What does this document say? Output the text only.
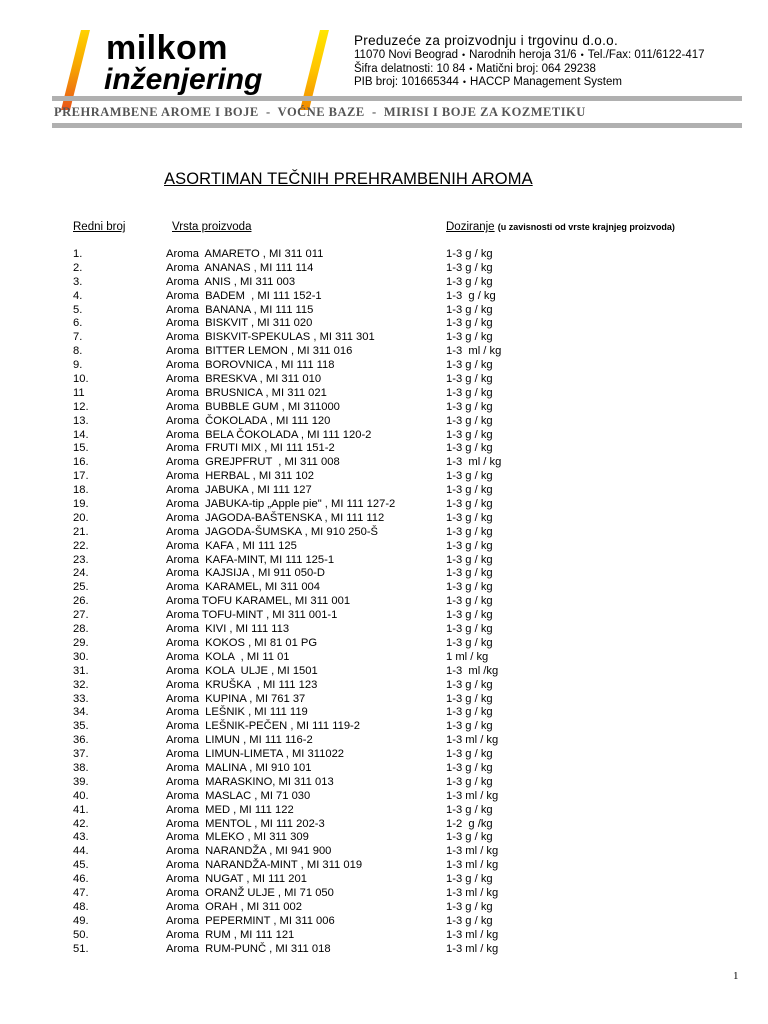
milkom
inženjering
Preduzeće za proizvodnju i trgovinu d.o.o.
11070 Novi Beograd • Narodnih heroja 31/6 • Tel./Fax: 011/6122-417
Šifra delatnosti: 10 84 • Matični broj: 064 29238
PIB broj: 101665344 • HACCP Management System
PREHRAMBENE AROME I BOJE  -  VOĆNE BAZE  -  MIRISI I BOJE ZA KOZMETIKU
ASORTIMAN TEČNIH PREHRAMBENIH AROMA
Redni broj	Vrsta proizvoda	Doziranje (u zavisnosti od vrste krajnjeg proizvoda)
1.	Aroma  AMARETO , MI 311 011	1-3 g / kg
2.	Aroma  ANANAS , MI 111 114	1-3 g / kg
3.	Aroma  ANIS , MI 311 003	1-3 g / kg
4.	Aroma  BADEM  , MI 111 152-1	1-3  g / kg
5.	Aroma  BANANA , MI 111 115	1-3 g / kg
6.	Aroma  BISKVIT , MI 311 020	1-3 g / kg
7.	Aroma  BISKVIT-SPEKULAS , MI 311 301	1-3 g / kg
8.	Aroma  BITTER LEMON , MI 311 016	1-3  ml / kg
9.	Aroma  BOROVNICA , MI 111 118	1-3 g / kg
10.	Aroma  BRESKVA , MI 311 010	1-3 g / kg
11	Aroma  BRUSNICA , MI 311 021	1-3 g / kg
12.	Aroma  BUBBLE GUM , MI 311000	1-3 g / kg
13.	Aroma  ČOKOLADA , MI 111 120	1-3 g / kg
14.	Aroma  BELA ČOKOLADA , MI 111 120-2	1-3 g / kg
15.	Aroma  FRUTI MIX , MI 111 151-2	1-3 g / kg
16.	Aroma  GREJPFRUT  , MI 311 008	1-3  ml / kg
17.	Aroma  HERBAL , MI 311 102	1-3 g / kg
18.	Aroma  JABUKA , MI 111 127	1-3 g / kg
19.	Aroma  JABUKA-tip „Apple pie" , MI 111 127-2	1-3 g / kg
20.	Aroma  JAGODA-BAŠTENSKA , MI 111 112	1-3 g / kg
21.	Aroma  JAGODA-ŠUMSKA , MI 910 250-Š	1-3 g / kg
22.	Aroma  KAFA , MI 111 125	1-3 g / kg
23.	Aroma  KAFA-MINT, MI 111 125-1	1-3 g / kg
24.	Aroma  KAJSIJA , MI 911 050-D	1-3 g / kg
25.	Aroma  KARAMEL, MI 311 004	1-3 g / kg
26.	Aroma TOFU KARAMEL, MI 311 001	1-3 g / kg
27.	Aroma TOFU-MINT , MI 311 001-1	1-3 g / kg
28.	Aroma  KIVI , MI 111 113	1-3 g / kg
29.	Aroma  KOKOS , MI 81 01 PG	1-3 g / kg
30.	Aroma  KOLA  , MI 11 01	1 ml / kg
31.	Aroma  KOLA  ULJE , MI 1501	1-3  ml /kg
32.	Aroma  KRUŠKA  , MI 111 123	1-3 g / kg
33.	Aroma  KUPINA , MI 761 37	1-3 g / kg
34.	Aroma  LEŠNIK , MI 111 119	1-3 g / kg
35.	Aroma  LEŠNIK-PEČEN , MI 111 119-2	1-3 g / kg
36.	Aroma  LIMUN , MI 111 116-2	1-3 ml / kg
37.	Aroma  LIMUN-LIMETA , MI 311022	1-3 g / kg
38.	Aroma  MALINA , MI 910 101	1-3 g / kg
39.	Aroma  MARASKINO, MI 311 013	1-3 g / kg
40.	Aroma  MASLAC , MI 71 030	1-3 ml / kg
41.	Aroma  MED , MI 111 122	1-3 g / kg
42.	Aroma  MENTOL , MI 111 202-3	1-2  g /kg
43.	Aroma  MLEKO , MI 311 309	1-3 g / kg
44.	Aroma  NARANDŽA , MI 941 900	1-3 ml / kg
45.	Aroma  NARANDŽA-MINT , MI 311 019	1-3 ml / kg
46.	Aroma  NUGAT , MI 111 201	1-3 g / kg
47.	Aroma  ORANŽ ULJE , MI 71 050	1-3 ml / kg
48.	Aroma  ORAH , MI 311 002	1-3 g / kg
49.	Aroma  PEPERMINT , MI 311 006	1-3 g / kg
50.	Aroma  RUM , MI 111 121	1-3 ml / kg
51.	Aroma  RUM-PUNČ , MI 311 018	1-3 ml / kg
1
